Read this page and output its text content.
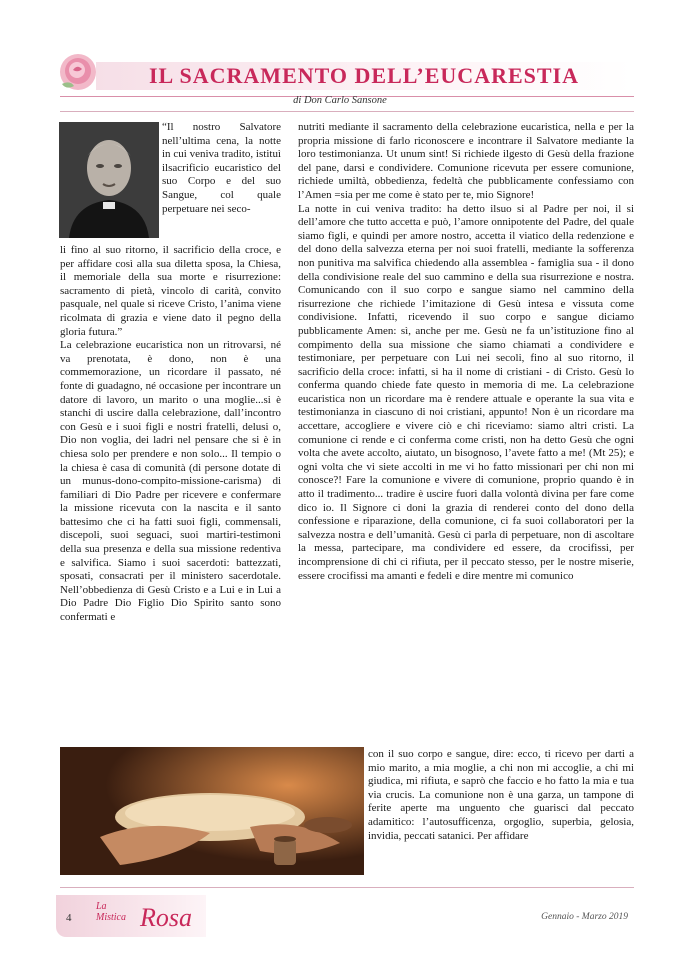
IL SACRAMENTO DELL’EUCARESTIA
di Don Carlo Sansone

“Il nostro Salvatore nell’ultima cena, la notte in cui veniva tradito, istituì ilsacrificio eucaristico del suo Corpo e del suo Sangue, col quale perpetuare nei seco-

li fino al suo ritorno, il sacrificio della croce, e per affidare così alla sua diletta sposa, la Chiesa, il memoriale della sua morte e risurrezione: sacramento di pietà, vincolo di carità, convito pasquale, nel quale si riceve Cristo, l’anima viene ricolmata di grazia e viene dato il pegno della gloria futura.”

La celebrazione eucaristica non un ritrovarsi, né va prenotata, è dono, non è una commemorazione, un ricordare il passato, né fonte di guadagno, né occasione per incontrare un datore di lavoro, un marito o una moglie...si è stanchi di uscire dalla celebrazione, dall’incontro con Gesù e i suoi figli e nostri fratelli, delusi o, Dio non voglia, dei ladri nel pensare che si è in chiesa solo per prendere e non solo... Il tempio o la chiesa è casa di comunità (di persone dotate di un munus-dono-compito-missione-carisma) di familiari di Dio Padre per ricevere e confermare la missione ricevuta con la nascita e il santo battesimo che ci ha fatti suoi figli, commensali, discepoli, suoi seguaci, suoi martiri-testimoni della sua presenza e della sua missione redentiva e salvifica. Siamo i suoi sacerdoti: battezzati, sposati, consacrati per il ministero sacerdotale. Nell’obbedienza di Gesù Cristo e a Lui e in Lui a Dio Padre Dio Figlio Dio Spirito santo sono confermati e

nutriti mediante il sacramento della celebrazione eucaristica, nella e per la propria missione di farlo riconoscere e incontrare il Salvatore mediante la loro testimonianza. Ut unum sint! Si richiede ilgesto di Gesù della frazione del pane, darsi e condividere. Comunione ricevuta per essere comunione, richiede umiltà, obbedienza, fedeltà che pubblicamente confessiamo con l’Amen =sia per me come è stato per te, mio Signore!

La notte in cui veniva tradito: ha detto ilsuo si al Padre per noi, il si dell’amore che tutto accetta e può, l’amore onnipotente del Padre, del quale siamo figli, e quindi per amore nostro, accetta il viatico della redenzione e del dono della salvezza eterna per noi suoi fratelli, mediante la sofferenza non punitiva ma salvifica chiedendo alla assemblea - famiglia sua - il dono della condivisione reale del suo cammino e della sua risurrezione e nostra. Comunicando con il suo corpo e sangue siamo nel cammino della risurrezione che richiede l’imitazione di Gesù intesa e vissuta come condivisione. Infatti, ricevendo il suo corpo e sangue diciamo pubblicamente Amen: sì, anche per me. Gesù ne fa un’istituzione fino al compimento della sua missione che siamo chiamati a condividere e testimoniare, per perpetuare con Lui nei secoli, fino al suo ritorno, il sacrificio della croce: infatti, si ha il nome di cristiani - di Cristo. Gesù lo conferma quando chiede fate questo in memoria di me. La celebrazione eucaristica non un ricordare ma è rendere attuale e operante la sua vita e testimonianza in ciascuno di noi cristiani, appunto! Non è un ricordare ma accettare, accogliere e vivere ciò e chi riceviamo: siamo altri cristi. La comunione ci rende e ci conferma come cristi, non ha detto Gesù che ogni volta che avete accolto, aiutato, un bisognoso, l’avete fatto a me! (Mt 25); e ogni volta che vi siete accolti in me vi ho fatto missionari per chi non mi conosce?! Fare la comunione e vivere di comunione, proprio quando è in atto il tradimento... tradire è uscire fuori dalla volontà divina per fare come dico io. Il Signore ci doni la grazia di renderei conto del dono della confessione e riparazione, della comunione, ci fa suoi collaboratori per la salvezza nostra e dell’umanità. Gesù ci parla di perpetuare, non di ascoltare la messa, partecipare, ma condividere ed essere, da crocifissi, per incomprensione di chi ci rifiuta, per il peccato stesso, per le nostre miserie, essere crocifissi ma amanti e fedeli e dire mentre mi comunico

con il suo corpo e sangue, dire: ecco, ti ricevo per darti a mio marito, a mia moglie, a chi non mi accoglie, a chi mi giudica, mi rifiuta, e saprò che faccio e ho fatto la mia e tua via crucis. La comunione non è una garza, un tampone di ferite aperte ma unguento che guarisci dal peccato adamitico: l’autosufficenza, orgoglio, superbia, gelosia, invidia, peccati satanici. Per affidare

4
La
Mistica Rosa	Gennaio - Marzo 2019
